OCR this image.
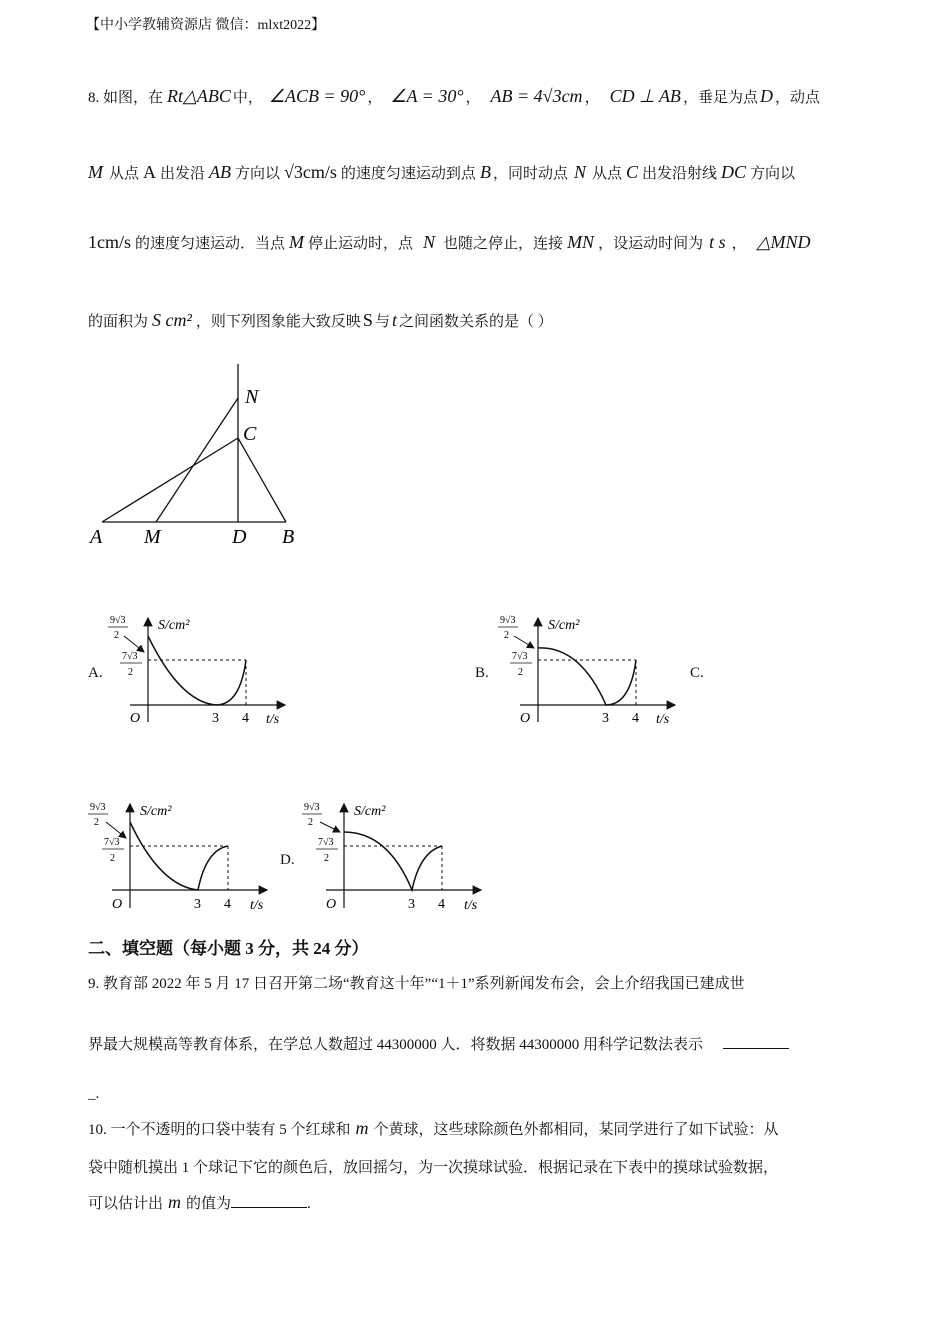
【中小学教辅资源店 微信：mlxt2022】
8. 如图，在 Rt△ABC 中， ∠ACB = 90° ， ∠A = 30° ， AB = 4√3cm ， CD ⊥ AB ，垂足为点 D ，动点
M 从点 A 出发沿 AB 方向以 √3cm/s 的速度匀速运动到点 B ，同时动点 N 从点 C 出发沿射线 DC 方向以
1cm/s 的速度匀速运动．当点 M 停止运动时，点 N 也随之停止，连接 MN ，设运动时间为 t s ， △MND
的面积为 S cm² ，则下列图象能大致反映 S 与 t 之间函数关系的是（ ）
N
C
A M	D B
A.	B.	C.
D.
9√3
2
7√3
2
S/cm²
O	3 4 t/s
9√3
2
7√3
2
S/cm²
O	3 4 t/s
9√3
2
7√3
2
S/cm²
O	3 4 t/s
9√3
2
7√3
2
S/cm²
O	3 4 t/s
二、填空题（每小题 3 分，共 24 分）
9. 教育部 2022 年 5 月 17 日召开第二场“教育这十年”“1＋1”系列新闻发布会，会上介绍我国已建成世
界最大规模高等教育体系，在学总人数超过 44300000 人．将数据 44300000 用科学记数法表示
_.
10. 一个不透明的口袋中装有 5 个红球和 m 个黄球，这些球除颜色外都相同，某同学进行了如下试验：从
袋中随机摸出 1 个球记下它的颜色后，放回摇匀，为一次摸球试验．根据记录在下表中的摸球试验数据，
可以估计出 m 的值为	.
